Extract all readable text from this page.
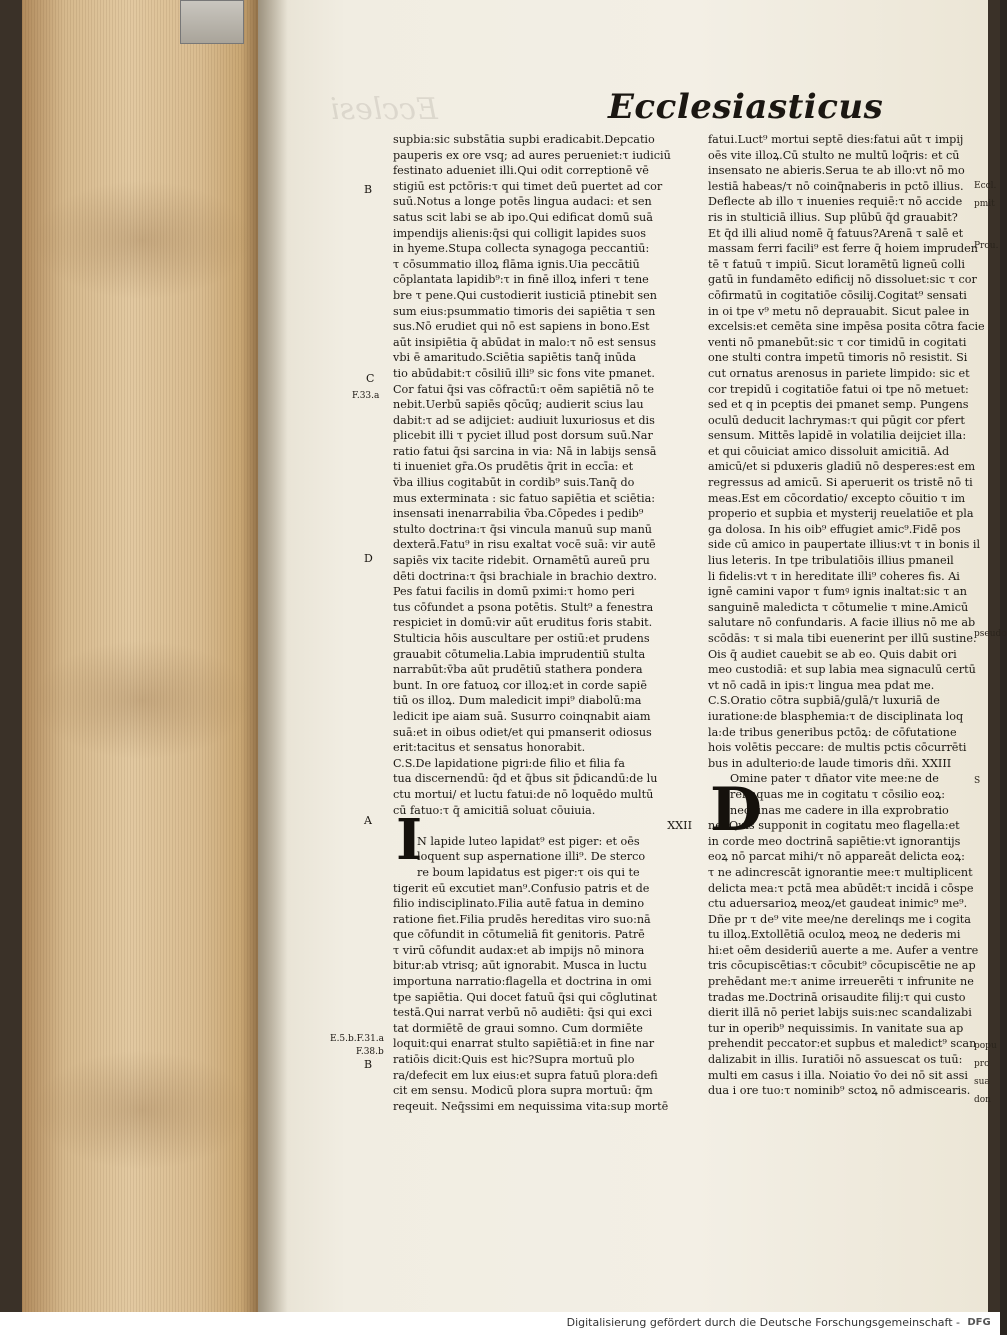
Ecclesi	Ecclesiasticus

supbia:sic substātia supbi eradicabit.Depcatio

pauperis ex ore vsq; ad aures perueniet:τ iudiciū

festinato adueniet illi.Qui odit correptionē vē

stigiū est pctōris:τ qui timet deū puertet ad cor

suū.Notus a longe potēs lingua audaci: et sen

satus scit labi se ab ipo.Qui edificat domū suā

impendijs alienis:q̄si qui colligit lapides suos

in hyeme.Stupa collecta synagoga peccantiū:

τ cōsummatio illoꝝ flāma ignis.Uia peccātiū

cōplantata lapidib⁹:τ in finē illoꝝ inferi τ tene

bre τ pene.Qui custodierit iusticiā ptinebit sen

sum eius:psummatio timoris dei sapiētia τ sen

sus.Nō erudiet qui nō est sapiens in bono.Est

aūt insipiētia q̄ abūdat in malo:τ nō est sensus

vbi ē amaritudo.Sciētia sapiētis tanq̄ inūda

tio abūdabit:τ cōsiliū illi⁹ sic fons vite pmanet.

Cor fatui q̄si vas cōfractū:τ oēm sapiētiā nō te

nebit.Uerbū sapiēs qōcūq; audierit scius lau

dabit:τ ad se adijciet: audiuit luxuriosus et dis

plicebit illi τ pyciet illud post dorsum suū.Nar

ratio fatui q̄si sarcina in via: Nā in labijs sensā

ti inueniet gr̄a.Os prudētis q̄rit in eccīa: et

v̄ba illius cogitabūt in cordib⁹ suis.Tanq̄ do

mus exterminata : sic fatuo sapiētia et sciētia:

insensati inenarrabilia v̄ba.Cōpedes i pedib⁹

stulto doctrina:τ q̄si vincula manuū sup manū

dexterā.Fatu⁹ in risu exaltat vocē suā: vir autē

sapiēs vix tacite ridebit. Ornamētū aureū pru

dēti doctrina:τ q̄si brachiale in brachio dextro.

Pes fatui facilis in domū pximi:τ homo peri

tus cōfundet a psona potētis. Stult⁹ a fenestra

respiciet in domū:vir aūt eruditus foris stabit.

Stulticia hōis auscultare per ostiū:et prudens

grauabit cōtumelia.Labia imprudentiū stulta

narrabūt:v̄ba aūt prudētiū stathera pondera

bunt. In ore fatuoꝝ cor illoꝝ:et in corde sapiē

tiū os illoꝝ. Dum maledicit impi⁹ diabolū:ma

ledicit ipe aiam suā. Susurro coinqnabit aiam

suā:et in oibus odiet/et qui pmanserit odiosus

erit:tacitus et sensatus honorabit.

C.S.De lapidatione pigri:de filio et filia fa

tua discernendū: q̄d et q̄bus sit p̄dicandū:de lu

ctu mortui/ et luctu fatui:de nō loquēdo multū

cū fatuo:τ q̄ amicitiā soluat cōuiuia.

XXII

N lapide luteo lapidat⁹ est piger: et oēs

loquent sup aspernatione illi⁹. De sterco

re boum lapidatus est piger:τ ois qui te

tigerit eū excutiet man⁹.Confusio patris et de

filio indisciplinato.Filia autē fatua in demino

ratione fiet.Filia prudēs hereditas viro suo:nā

que cōfundit in cōtumeliā fit genitoris. Patrē

τ virū cōfundit audax:et ab impijs nō minora

bitur:ab vtrisq; aūt ignorabit. Musca in luctu

importuna narratio:flagella et doctrina in omi

tpe sapiētia. Qui docet fatuū q̄si qui cōglutinat

testā.Qui narrat verbū nō audiēti: q̄si qui exci

tat dormiētē de graui somno. Cum dormiēte

loquit:qui enarrat stulto sapiētiā:et in fine nar

ratiōis dicit:Quis est hic?Supra mortuū plo

ra/defecit em lux eius:et supra fatuū plora:defi

cit em sensu. Modicū plora supra mortuū: q̄m

reqeuit. Neq̄ssimi em nequissima vita:sup mortē

fatui.Luct⁹ mortui septē dies:fatui aūt τ impij

oēs vite illoꝝ.Cū stulto ne multū loq̄ris: et cū

insensato ne abieris.Serua te ab illo:vt nō mo

lestiā habeas/τ nō coinq̄naberis in pctō illius.

Deflecte ab illo τ inuenies requiē:τ nō accide

ris in stulticiā illius. Sup plūbū q̄d grauabit?

Et q̄d illi aliud nomē q̄ fatuus?Arenā τ salē et

massam ferri facili⁹ est ferre q̄ hoiem impruden

tē τ fatuū τ impiū. Sicut loramētū ligneū colli

gatū in fundamēto edificij nō dissoluet:sic τ cor

cōfirmatū in cogitatiōe cōsilij.Cogitat⁹ sensati

in oi tpe v⁹ metu nō deprauabit. Sicut palee in

excelsis:et cemēta sine impēsa posita cōtra facie

venti nō pmanebūt:sic τ cor timidū in cogitati

one stulti contra impetū timoris nō resistit. Si

cut ornatus arenosus in pariete limpido: sic et

cor trepidū i cogitatiōe fatui oi tpe nō metuet:

sed et q in pceptis dei pmanet semp. Pungens

oculū deducit lachrymas:τ qui pūgit cor pfert

sensum. Mittēs lapidē in volatilia deijciet illa:

et qui cōuiciat amico dissoluit amicitiā. Ad

amicū/et si pduxeris gladiū nō desperes:est em

regressus ad amicū. Si aperuerit os tristē nō ti

meas.Est em cōcordatio/ excepto cōuitio τ im

properio et supbia et mysterij reuelatiōe et pla

ga dolosa. In his oib⁹ effugiet amic⁹.Fidē pos

side cū amico in paupertate illius:vt τ in bonis il

lius leteris. In tpe tribulatiōis illius pmaneil

li fidelis:vt τ in hereditate illi⁹ coheres fis. Ai

ignē camini vapor τ fumꝰ ignis inaltat:sic τ an

sanguinē maledicta τ cōtumelie τ mine.Amicū

salutare nō confundaris. A facie illius nō me ab

scōdās: τ si mala tibi euenerint per illū sustine.

Ois q̄ audiet cauebit se ab eo. Quis dabit ori

meo custodiā: et sup labia mea signaculū certū

vt nō cadā in ipis:τ lingua mea pdat me.

C.S.Oratio cōtra supbiā/gulā/τ luxuriā de

iuratione:de blasphemia:τ de disciplinata loq

la:de tribus generibus pctōꝝ: de cōfutatione

hois volētis peccare: de multis pctis cōcurrēti

bus in adulterio:de laude timoris dñi. XXIII

Omine pater τ dn̄ator vite mee:ne de

relinquas me in cogitatu τ cōsilio eoꝝ:

nec finas me cadere in illa exprobratio

ne. Quis supponit in cogitatu meo flagella:et

in corde meo doctrinā sapiētie:vt ignorantijs

eoꝝ nō parcat mihi/τ nō appareāt delicta eoꝝ:

τ ne adincrescāt ignorantie mee:τ multiplicent

delicta mea:τ pctā mea abūdēt:τ incidā i cōspe

ctu aduersarioꝝ meoꝝ/et gaudeat inimic⁹ me⁹.

Dñe pr τ de⁹ vite mee/ne derelinqs me i cogita

tu illoꝝ.Extollētiā oculoꝝ meoꝝ ne dederis mi

hi:et oēm desideriū auerte a me. Aufer a ventre

tris cōcupiscētias:τ cōcubit⁹ cōcupiscētie ne ap

prehēdant me:τ anime irreuerēti τ infrunite ne

tradas me.Doctrinā orisaudite filij:τ qui custo

dierit illā nō periet labijs suis:nec scandalizabi

tur in operib⁹ nequissimis. In vanitate sua ap

prehendit peccator:et supbus et maledict⁹ scan

dalizabit in illis. Iuratiōi nō assuescat os tuū:

multi em casus i illa. Noiatio v̄o dei nō sit assi

dua i ore tuo:τ nominib⁹ sctoꝝ nō admiscearis.

I	D
B
C
F.33.a
D
A
E.5.b.F.31.a
F.38.b
B
Eccl.
pmit
Prou.
pseudo
S
popu
pro
sua
don

Digitalisierung gefördert durch die Deutsche Forschungsgemeinschaft - DFG
